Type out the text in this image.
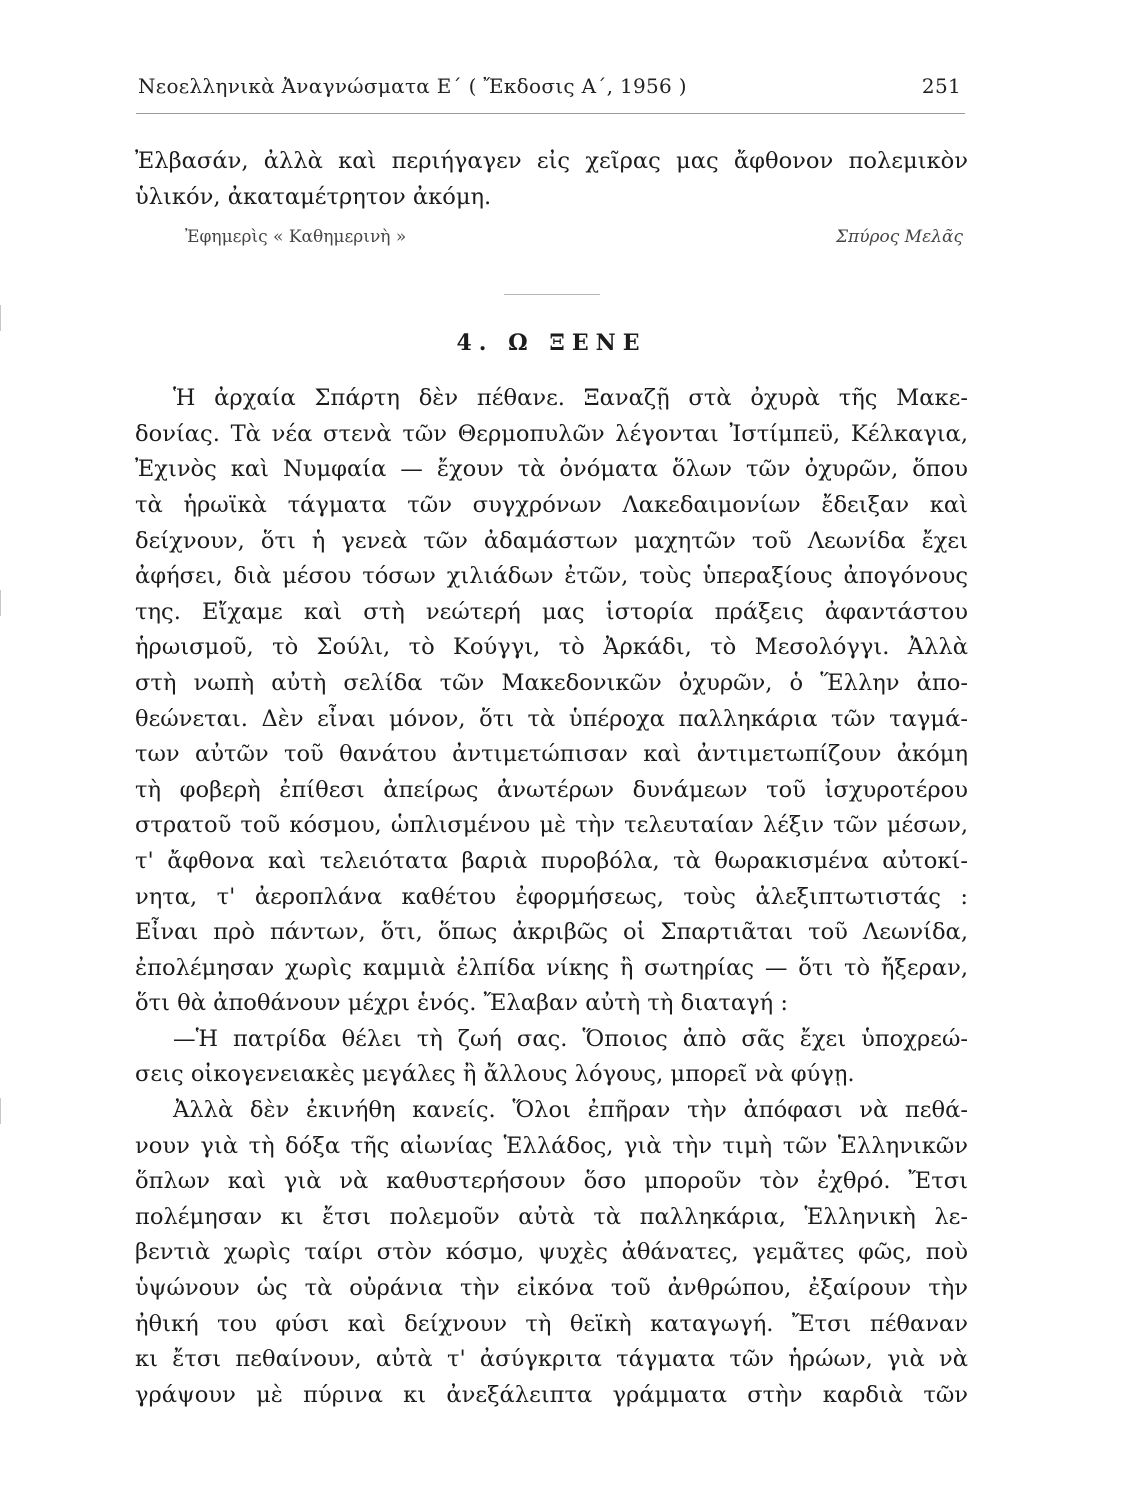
Νεοελληνικὰ Ἀναγνώσματα Ε΄ ( Ἔκδοσις Α΄, 1956 )	251
Ἐλβασάν, ἀλλὰ καὶ περιήγαγεν εἰς χεῖρας μας ἄφθονον πολεμικὸν
ὑλικόν, ἀκαταμέτρητον ἀκόμη.
Ἐφημερὶς « Καθημερινὴ »	Σπύρος Μελᾶς
4. Ω ΞΕΝΕ
Ἡ ἀρχαία Σπάρτη δὲν πέθανε. Ξαναζῇ στὰ ὀχυρὰ τῆς Μακε-
δονίας. Τὰ νέα στενὰ τῶν Θερμοπυλῶν λέγονται Ἰστίμπεϋ, Κέλκαγια,
Ἐχινὸς καὶ Νυμφαία — ἔχουν τὰ ὀνόματα ὅλων τῶν ὀχυρῶν, ὅπου
τὰ ἡρωϊκὰ τάγματα τῶν συγχρόνων Λακεδαιμονίων ἔδειξαν καὶ
δείχνουν, ὅτι ἡ γενεὰ τῶν ἀδαμάστων μαχητῶν τοῦ Λεωνίδα ἔχει
ἀφήσει, διὰ μέσου τόσων χιλιάδων ἐτῶν, τοὺς ὑπεραξίους ἀπογόνους
της. Εἴχαμε καὶ στὴ νεώτερή μας ἱστορία πράξεις ἀφαντάστου
ἡρωισμοῦ, τὸ Σούλι, τὸ Κούγγι, τὸ Ἀρκάδι, τὸ Μεσολόγγι. Ἀλλὰ
στὴ νωπὴ αὐτὴ σελίδα τῶν Μακεδονικῶν ὀχυρῶν, ὁ Ἕλλην ἀπο-
θεώνεται. Δὲν εἶναι μόνον, ὅτι τὰ ὑπέροχα παλληκάρια τῶν ταγμά-
των αὐτῶν τοῦ θανάτου ἀντιμετώπισαν καὶ ἀντιμετωπίζουν ἀκόμη
τὴ φοβερὴ ἐπίθεσι ἀπείρως ἀνωτέρων δυνάμεων τοῦ ἰσχυροτέρου
στρατοῦ τοῦ κόσμου, ὡπλισμένου μὲ τὴν τελευταίαν λέξιν τῶν μέσων,
τ' ἄφθονα καὶ τελειότατα βαριὰ πυροβόλα, τὰ θωρακισμένα αὐτοκί-
νητα, τ' ἀεροπλάνα καθέτου ἐφορμήσεως, τοὺς ἀλεξιπτωτιστάς :
Εἶναι πρὸ πάντων, ὅτι, ὅπως ἀκριβῶς οἱ Σπαρτιᾶται τοῦ Λεωνίδα,
ἐπολέμησαν χωρὶς καμμιὰ ἐλπίδα νίκης ἢ σωτηρίας — ὅτι τὸ ἤξεραν,
ὅτι θὰ ἀποθάνουν μέχρι ἑνός. Ἔλαβαν αὐτὴ τὴ διαταγή :
—Ἡ πατρίδα θέλει τὴ ζωή σας. Ὅποιος ἀπὸ σᾶς ἔχει ὑποχρεώ-
σεις οἰκογενειακὲς μεγάλες ἢ ἄλλους λόγους, μπορεῖ νὰ φύγῃ.
Ἀλλὰ δὲν ἐκινήθη κανείς. Ὅλοι ἐπῆραν τὴν ἀπόφασι νὰ πεθά-
νουν γιὰ τὴ δόξα τῆς αἰωνίας Ἑλλάδος, γιὰ τὴν τιμὴ τῶν Ἑλληνικῶν
ὅπλων καὶ γιὰ νὰ καθυστερήσουν ὅσο μποροῦν τὸν ἐχθρό. Ἔτσι
πολέμησαν κι ἔτσι πολεμοῦν αὐτὰ τὰ παλληκάρια, Ἑλληνικὴ λε-
βεντιὰ χωρὶς ταίρι στὸν κόσμο, ψυχὲς ἀθάνατες, γεμᾶτες φῶς, ποὺ
ὑψώνουν ὡς τὰ οὐράνια τὴν εἰκόνα τοῦ ἀνθρώπου, ἐξαίρουν τὴν
ἠθική του φύσι καὶ δείχνουν τὴ θεϊκὴ καταγωγή. Ἔτσι πέθαναν
κι ἔτσι πεθαίνουν, αὐτὰ τ' ἀσύγκριτα τάγματα τῶν ἡρώων, γιὰ νὰ
γράψουν μὲ πύρινα κι ἀνεξάλειπτα γράμματα στὴν καρδιὰ τῶν
